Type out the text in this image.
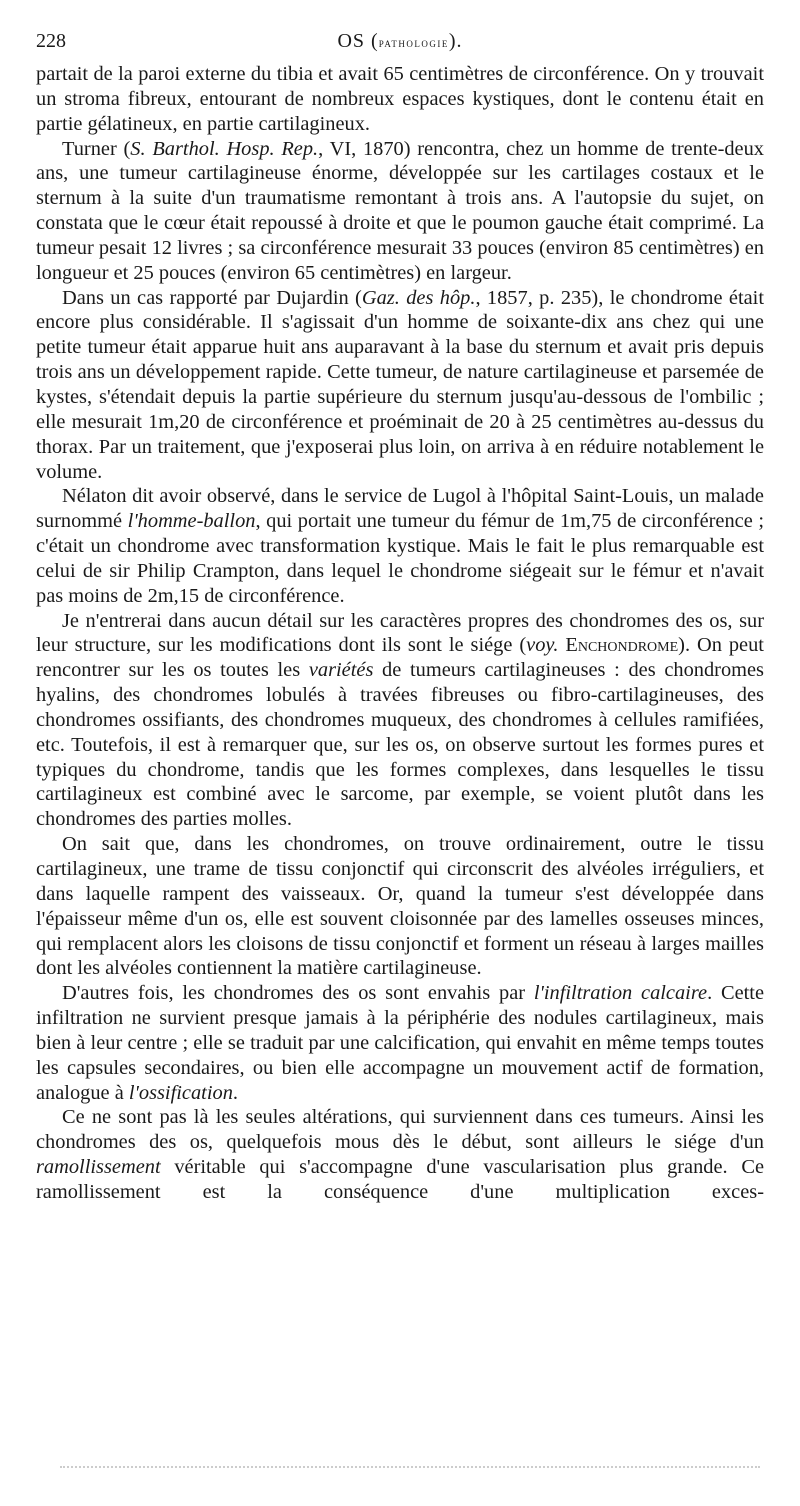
228	OS (pathologie).

partait de la paroi externe du tibia et avait 65 centimètres de circonférence. On y trouvait un stroma fibreux, entourant de nombreux espaces kystiques, dont le contenu était en partie gélatineux, en partie cartilagineux.

Turner (S. Barthol. Hosp. Rep., VI, 1870) rencontra, chez un homme de trente-deux ans, une tumeur cartilagineuse énorme, développée sur les cartilages costaux et le sternum à la suite d'un traumatisme remontant à trois ans. A l'autopsie du sujet, on constata que le cœur était repoussé à droite et que le poumon gauche était comprimé. La tumeur pesait 12 livres ; sa circonférence mesurait 33 pouces (environ 85 centimètres) en longueur et 25 pouces (environ 65 centimètres) en largeur.

Dans un cas rapporté par Dujardin (Gaz. des hôp., 1857, p. 235), le chondrome était encore plus considérable. Il s'agissait d'un homme de soixante-dix ans chez qui une petite tumeur était apparue huit ans auparavant à la base du sternum et avait pris depuis trois ans un développement rapide. Cette tumeur, de nature cartilagineuse et parsemée de kystes, s'étendait depuis la partie supérieure du sternum jusqu'au-dessous de l'ombilic ; elle mesurait 1m,20 de circonférence et proéminait de 20 à 25 centimètres au-dessus du thorax. Par un traitement, que j'exposerai plus loin, on arriva à en réduire notablement le volume.

Nélaton dit avoir observé, dans le service de Lugol à l'hôpital Saint-Louis, un malade surnommé l'homme-ballon, qui portait une tumeur du fémur de 1m,75 de circonférence ; c'était un chondrome avec transformation kystique. Mais le fait le plus remarquable est celui de sir Philip Crampton, dans lequel le chondrome siégeait sur le fémur et n'avait pas moins de 2m,15 de circonférence.

Je n'entrerai dans aucun détail sur les caractères propres des chondromes des os, sur leur structure, sur les modifications dont ils sont le siége (voy. Enchondrome). On peut rencontrer sur les os toutes les variétés de tumeurs cartilagineuses : des chondromes hyalins, des chondromes lobulés à travées fibreuses ou fibro-cartilagineuses, des chondromes ossifiants, des chondromes muqueux, des chondromes à cellules ramifiées, etc. Toutefois, il est à remarquer que, sur les os, on observe surtout les formes pures et typiques du chondrome, tandis que les formes complexes, dans lesquelles le tissu cartilagineux est combiné avec le sarcome, par exemple, se voient plutôt dans les chondromes des parties molles.

On sait que, dans les chondromes, on trouve ordinairement, outre le tissu cartilagineux, une trame de tissu conjonctif qui circonscrit des alvéoles irréguliers, et dans laquelle rampent des vaisseaux. Or, quand la tumeur s'est développée dans l'épaisseur même d'un os, elle est souvent cloisonnée par des lamelles osseuses minces, qui remplacent alors les cloisons de tissu conjonctif et forment un réseau à larges mailles dont les alvéoles contiennent la matière cartilagineuse.

D'autres fois, les chondromes des os sont envahis par l'infiltration calcaire. Cette infiltration ne survient presque jamais à la périphérie des nodules cartilagineux, mais bien à leur centre ; elle se traduit par une calcification, qui envahit en même temps toutes les capsules secondaires, ou bien elle accompagne un mouvement actif de formation, analogue à l'ossification.

Ce ne sont pas là les seules altérations, qui surviennent dans ces tumeurs. Ainsi les chondromes des os, quelquefois mous dès le début, sont ailleurs le siége d'un ramollissement véritable qui s'accompagne d'une vascularisation plus grande. Ce ramollissement est la conséquence d'une multiplication exces-
